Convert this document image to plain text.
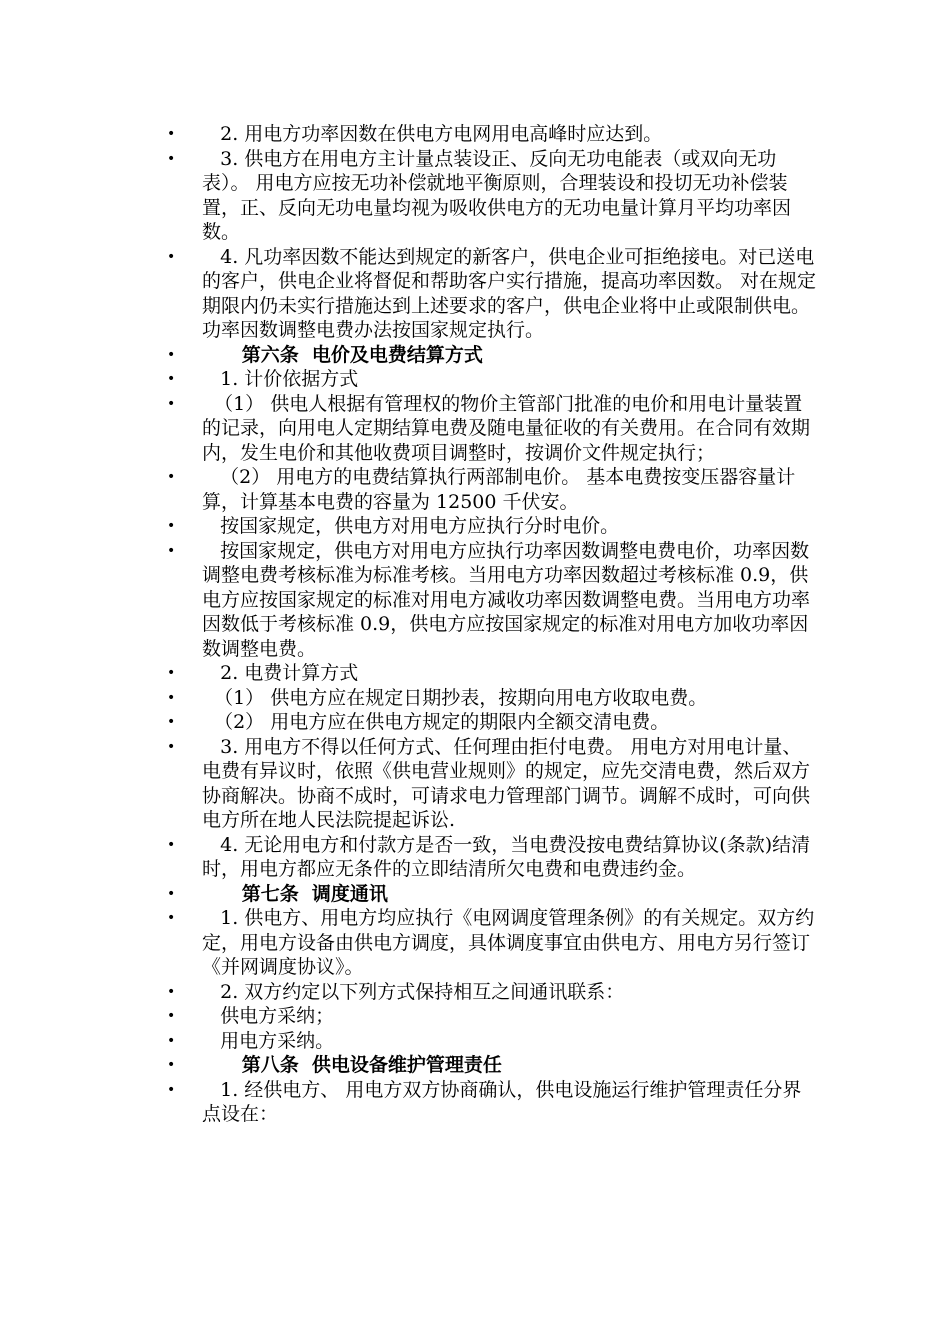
• 2. 用电方功率因数在供电方电网用电高峰时应达到。
• 3. 供电方在用电方主计量点装设正、反向无功电能表（或双向无功表）。 用电方应按无功补偿就地平衡原则，合理装设和投切无功补偿装置，正、反向无功电量均视为吸收供电方的无功电量计算月平均功率因数。
• 4. 凡功率因数不能达到规定的新客户，供电企业可拒绝接电。对已送电的客户，供电企业将督促和帮助客户实行措施，提高功率因数。 对在规定期限内仍未实行措施达到上述要求的客户，供电企业将中止或限制供电。功率因数调整电费办法按国家规定执行。
• 第六条  电价及电费结算方式
• 1. 计价依据方式
• （1） 供电人根据有管理权的物价主管部门批准的电价和用电计量装置的记录，向用电人定期结算电费及随电量征收的有关费用。在合同有效期内，发生电价和其他收费项目调整时，按调价文件规定执行；
• （2） 用电方的电费结算执行两部制电价。 基本电费按变压器容量计算，计算基本电费的容量为 12500 千伏安。
• 按国家规定，供电方对用电方应执行分时电价。
• 按国家规定，供电方对用电方应执行功率因数调整电费电价，功率因数调整电费考核标准为标准考核。当用电方功率因数超过考核标准 0.9，供电方应按国家规定的标准对用电方减收功率因数调整电费。当用电方功率因数低于考核标准 0.9，供电方应按国家规定的标准对用电方加收功率因数调整电费。
• 2. 电费计算方式
• （1） 供电方应在规定日期抄表，按期向用电方收取电费。
• （2） 用电方应在供电方规定的期限内全额交清电费。
• 3. 用电方不得以任何方式、任何理由拒付电费。 用电方对用电计量、电费有异议时，依照《供电营业规则》的规定，应先交清电费，然后双方协商解决。协商不成时，可请求电力管理部门调节。调解不成时，可向供电方所在地人民法院提起诉讼.
• 4. 无论用电方和付款方是否一致，当电费没按电费结算协议(条款)结清时，用电方都应无条件的立即结清所欠电费和电费违约金。
• 第七条  调度通讯
• 1. 供电方、用电方均应执行《电网调度管理条例》的有关规定。双方约定，用电方设备由供电方调度，具体调度事宜由供电方、用电方另行签订《并网调度协议》。
• 2. 双方约定以下列方式保持相互之间通讯联系：
• 供电方采纳；
• 用电方采纳。
• 第八条  供电设备维护管理责任
• 1. 经供电方、 用电方双方协商确认，供电设施运行维护管理责任分界点设在：
